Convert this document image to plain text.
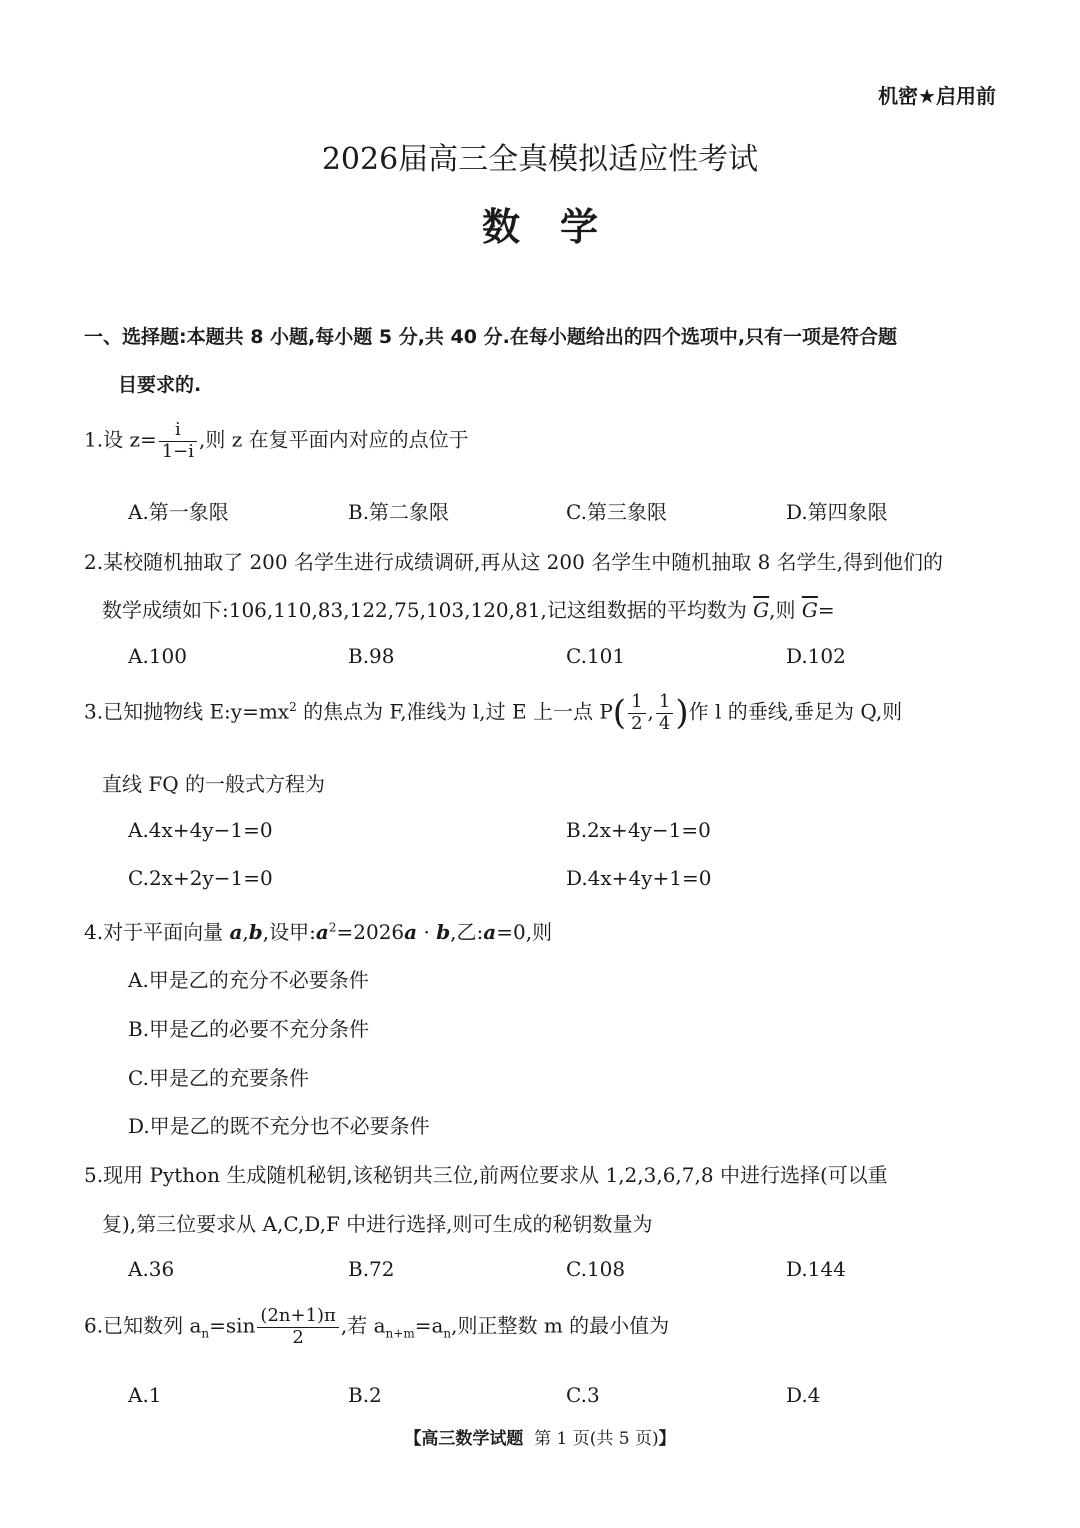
机密★启用前
2026届高三全真模拟适应性考试
数学
一、选择题:本题共 8 小题,每小题 5 分,共 40 分.在每小题给出的四个选项中,只有一项是符合题
目要求的.
1.设 $z= \frac{i}{1-i}$ ,则 z 在复平面内对应的点位于
A.第一象限	B.第二象限	C.第三象限	D.第四象限
2.某校随机抽取了 200 名学生进行成绩调研,再从这 200 名学生中随机抽取 8 名学生,得到他们的
数学成绩如下:106,110,83,122,75,103,120,81,记这组数据的平均数为 $\overline{G}$,则 $\overline{G}=$
A.100	B.98	C.101	D.102
3.已知抛物线 $E:y=mx^2$ 的焦点为 F,准线为 l,过 E 上一点 $P( \frac{1}{2}$ , $\frac{1}{4}$ )作 l 的垂线,垂足为 Q,则
直线 FQ 的一般式方程为
A.4x+4y−1=0	B.2x+4y−1=0
C.2x+2y−1=0	D.4x+4y+1=0
4.对于平面向量 a,b,设甲$:a^2=2026a \cdot b$,乙:a=0,则
A.甲是乙的充分不必要条件
B.甲是乙的必要不充分条件
C.甲是乙的充要条件
D.甲是乙的既不充分也不必要条件
5.现用 Python 生成随机秘钥,该秘钥共三位,前两位要求从 1,2,3,6,7,8 中进行选择(可以重
复),第三位要求从 A,C,D,F 中进行选择,则可生成的秘钥数量为
A.36	B.72	C.108	D.144
6.已知数列 $a_n=\sin \frac{(2n+1)\pi}{2}$ ,若 $a_{n+m}=a_n$,则正整数 m 的最小值为
A.1	B.2	C.3	D.4
【高三数学试题 第 1 页(共 5 页)】
